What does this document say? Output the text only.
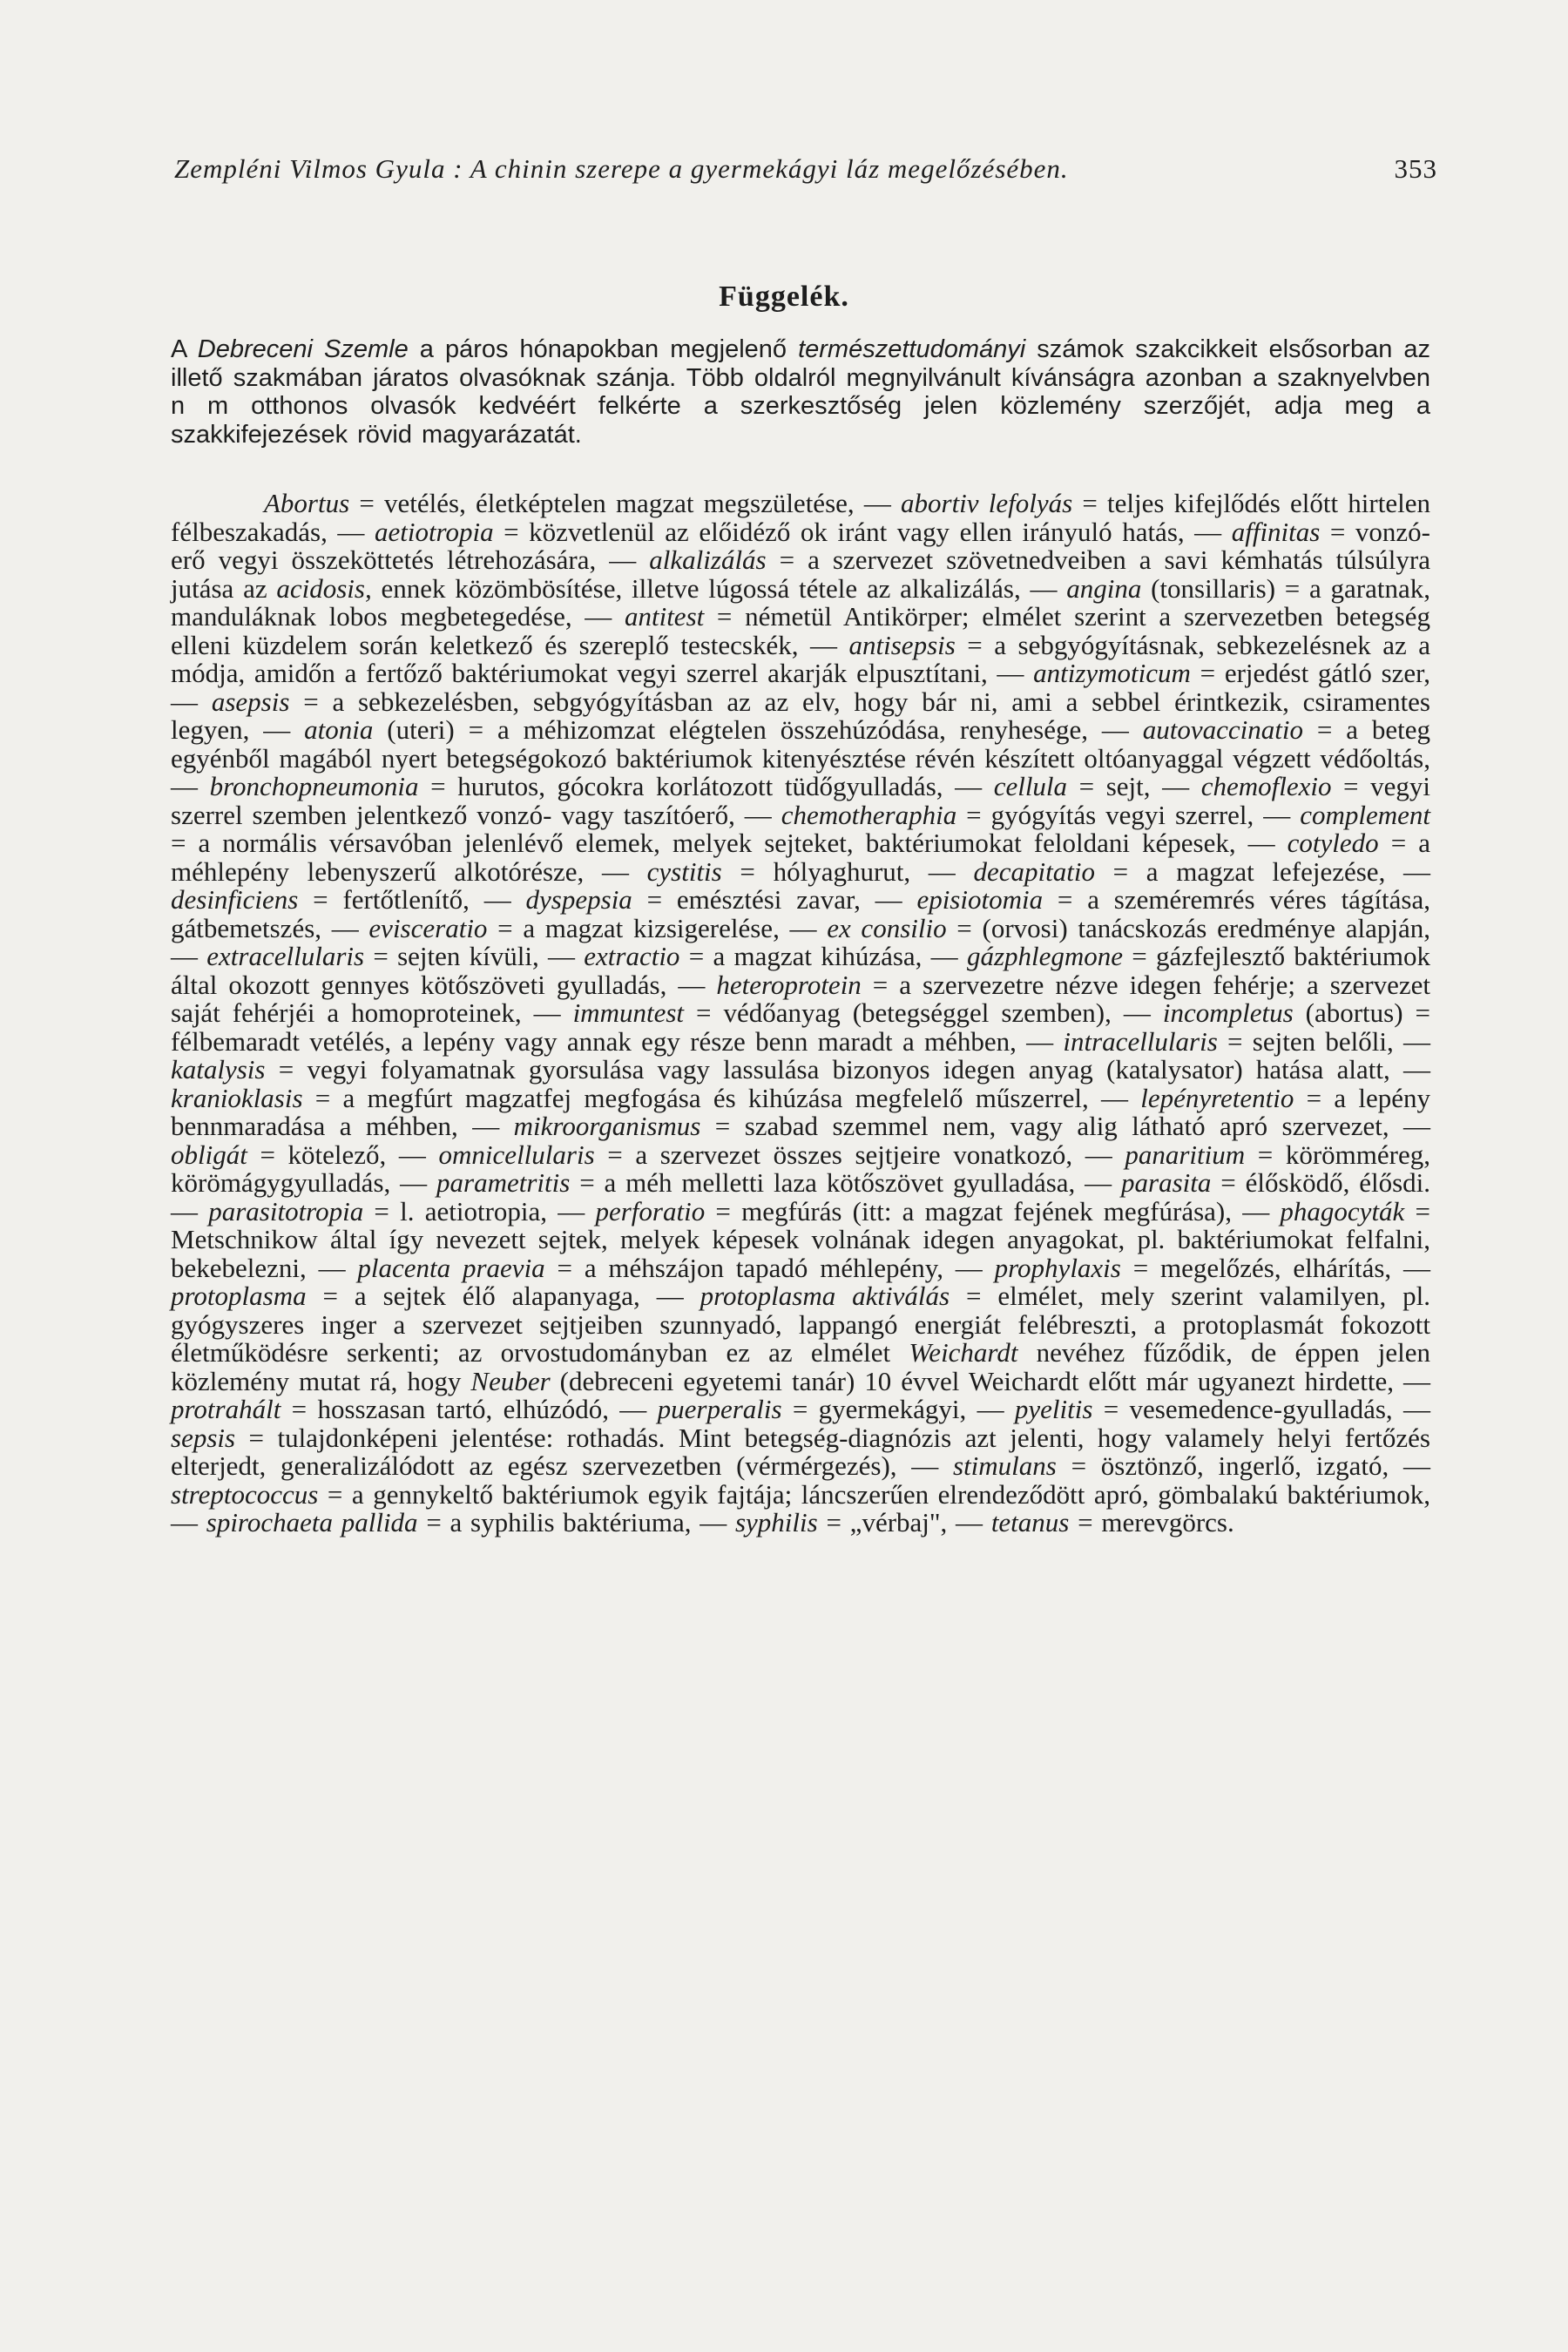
Zempléni Vilmos Gyula : A chinin szerepe a gyermekágyi láz megelőzésében.	353
Függelék.

A Debreceni Szemle a páros hónapokban megjelenő természettudományi számok szakcikkeit elsősorban az illető szakmában járatos olvasóknak szánja. Több oldalról megnyilvánult kívánságra azonban a szaknyelvben n m otthonos olvasók kedvéért felkérte a szerkesztőség jelen közlemény szerzőjét, adja meg a szakkifejezések rövid magyarázatát.

Abortus = vetélés, életképtelen magzat megszületése, — abortiv lefolyás = teljes kifejlődés előtt hirtelen félbeszakadás, — aetiotropia = közvetlenül az előidéző ok iránt vagy ellen irányuló hatás, — affinitas = vonzó-erő vegyi összeköttetés létrehozására, — alkalizálás = a szervezet szövetnedveiben a savi kémhatás túlsúlyra jutása az acidosis, ennek közömbösítése, illetve lúgossá tétele az alkalizálás, — angina (tonsillaris) = a garatnak, manduláknak lobos megbetegedése, — antitest = németül Antikörper; elmélet szerint a szervezetben betegség elleni küzdelem során keletkező és szereplő testecskék, — antisepsis = a sebgyógyításnak, sebkezelésnek az a módja, amidőn a fertőző baktériumokat vegyi szerrel akarják elpusztítani, — antizymoticum = erjedést gátló szer, — asepsis = a sebkezelésben, sebgyógyításban az az elv, hogy bár ni, ami a sebbel érintkezik, csiramentes legyen, — atonia (uteri) = a méhizomzat elégtelen összehúzódása, renyhesége, — autovaccinatio = a beteg egyénből magából nyert betegségokozó baktériumok kitenyésztése révén készített oltóanyaggal végzett védőoltás, — bronchopneumonia = hurutos, gócokra korlátozott tüdőgyulladás, — cellula = sejt, — chemoflexio = vegyi szerrel szemben jelentkező vonzó- vagy taszítóerő, — chemotheraphia = gyógyítás vegyi szerrel, — complement = a normális vérsavóban jelenlévő elemek, melyek sejteket, baktériumokat feloldani képesek, — cotyledo = a méhlepény lebenyszerű alkotórésze, — cystitis = hólyaghurut, — decapitatio = a magzat lefejezése, — desinficiens = fertőtlenítő, — dyspepsia = emésztési zavar, — episiotomia = a szeméremrés véres tágítása, gátbemetszés, — evisceratio = a magzat kizsigerelése, — ex consilio = (orvosi) tanácskozás eredménye alapján, — extracellularis = sejten kívüli, — extractio = a magzat kihúzása, — gázphlegmone = gázfejlesztő baktériumok által okozott gennyes kötőszöveti gyulladás, — heteroprotein = a szervezetre nézve idegen fehérje; a szervezet saját fehérjéi a homoproteinek, — immuntest = védőanyag (betegséggel szemben), — incompletus (abortus) = félbemaradt vetélés, a lepény vagy annak egy része benn maradt a méhben, — intracellularis = sejten belőli, — katalysis = vegyi folyamatnak gyorsulása vagy lassulása bizonyos idegen anyag (katalysator) hatása alatt, — kranioklasis = a megfúrt magzatfej megfogása és kihúzása megfelelő műszerrel, — lepényretentio = a lepény bennmaradása a méhben, — mikroorganismus = szabad szemmel nem, vagy alig látható apró szervezet, — obligát = kötelező, — omnicellularis = a szervezet összes sejtjeire vonatkozó, — panaritium = körömméreg, körömágygyulladás, — parametritis = a méh melletti laza kötőszövet gyulladása, — parasita = élősködő, élősdi. — parasitotropia = l. aetiotropia, — perforatio = megfúrás (itt: a magzat fejének megfúrása), — phagocyták = Metschnikow által így nevezett sejtek, melyek képesek volnának idegen anyagokat, pl. baktériumokat felfalni, bekebelezni, — placenta praevia = a méhszájon tapadó méhlepény, — prophylaxis = megelőzés, elhárítás, — protoplasma = a sejtek élő alapanyaga, — protoplasma aktiválás = elmélet, mely szerint valamilyen, pl. gyógyszeres inger a szervezet sejtjeiben szunnyadó, lappangó energiát felébreszti, a protoplasmát fokozott életműködésre serkenti; az orvostudományban ez az elmélet Weichardt nevéhez fűződik, de éppen jelen közlemény mutat rá, hogy Neuber (debreceni egyetemi tanár) 10 évvel Weichardt előtt már ugyanezt hirdette, — protrahált = hosszasan tartó, elhúzódó, — puerperalis = gyermekágyi, — pyelitis = vesemedence-gyulladás, — sepsis = tulajdonképeni jelentése: rothadás. Mint betegség-diagnózis azt jelenti, hogy valamely helyi fertőzés elterjedt, generalizálódott az egész szervezetben (vérmérgezés), — stimulans = ösztönző, ingerlő, izgató, — streptococcus = a gennykeltő baktériumok egyik fajtája; láncszerűen elrendeződött apró, gömbalakú baktériumok, — spirochaeta pallida = a syphilis baktériuma, — syphilis = „vérbaj", — tetanus = merevgörcs.
